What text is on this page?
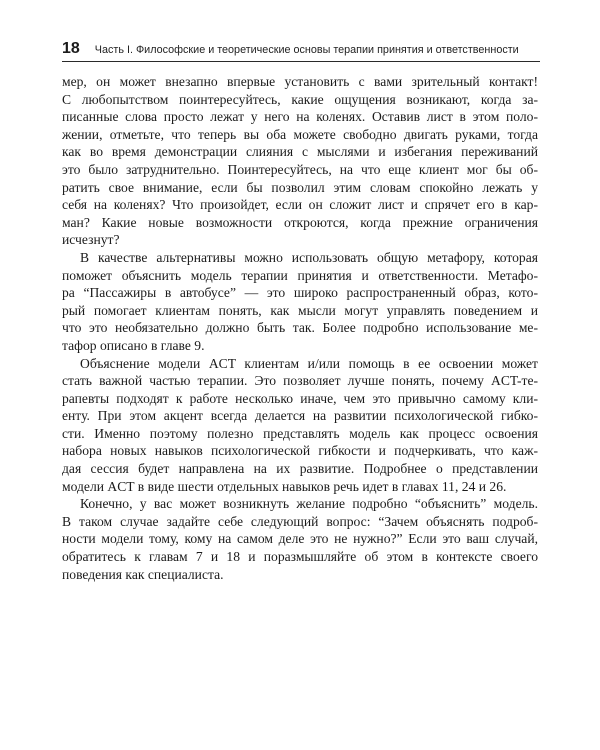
18 Часть I. Философские и теоретические основы терапии принятия и ответственности
мер, он может внезапно впервые установить с вами зрительный контакт!
С любопытством поинтересуйтесь, какие ощущения возникают, когда за-
писанные слова просто лежат у него на коленях. Оставив лист в этом поло-
жении, отметьте, что теперь вы оба можете свободно двигать руками, тогда
как во время демонстрации слияния с мыслями и избегания переживаний
это было затруднительно. Поинтересуйтесь, на что еще клиент мог бы об-
ратить свое внимание, если бы позволил этим словам спокойно лежать у
себя на коленях? Что произойдет, если он сложит лист и спрячет его в кар-
ман? Какие новые возможности откроются, когда прежние ограничения
исчезнут?
В качестве альтернативы можно использовать общую метафору, которая
поможет объяснить модель терапии принятия и ответственности. Метафо-
ра “Пассажиры в автобусе” — это широко распространенный образ, кото-
рый помогает клиентам понять, как мысли могут управлять поведением и
что это необязательно должно быть так. Более подробно использование ме-
тафор описано в главе 9.
Объяснение модели ACT клиентам и/или помощь в ее освоении может
стать важной частью терапии. Это позволяет лучше понять, почему ACT-те-
рапевты подходят к работе несколько иначе, чем это привычно самому кли-
енту. При этом акцент всегда делается на развитии психологической гибко-
сти. Именно поэтому полезно представлять модель как процесс освоения
набора новых навыков психологической гибкости и подчеркивать, что каж-
дая сессия будет направлена на их развитие. Подробнее о представлении
модели ACT в виде шести отдельных навыков речь идет в главах 11, 24 и 26.
Конечно, у вас может возникнуть желание подробно “объяснить” модель.
В таком случае задайте себе следующий вопрос: “Зачем объяснять подроб-
ности модели тому, кому на самом деле это не нужно?” Если это ваш случай,
обратитесь к главам 7 и 18 и поразмышляйте об этом в контексте своего
поведения как специалиста.
